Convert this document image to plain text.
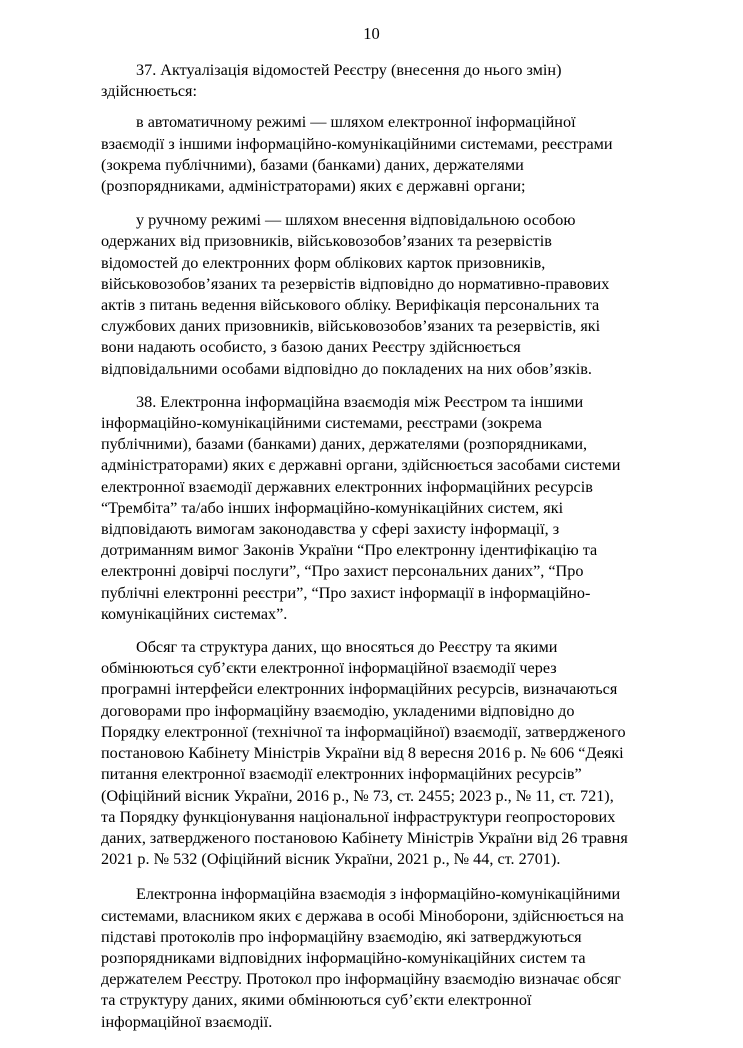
10

37. Актуалізація відомостей Реєстру (внесення до нього змін)
здійснюється:

в автоматичному режимі — шляхом електронної інформаційної
взаємодії з іншими інформаційно-комунікаційними системами, реєстрами
(зокрема публічними), базами (банками) даних, держателями
(розпорядниками, адміністраторами) яких є державні органи;

у ручному режимі — шляхом внесення відповідальною особою
одержаних від призовників, військовозобов’язаних та резервістів
відомостей до електронних форм облікових карток призовників,
військовозобов’язаних та резервістів відповідно до нормативно-правових
актів з питань ведення військового обліку. Верифікація персональних та
службових даних призовників, військовозобов’язаних та резервістів, які
вони надають особисто, з базою даних Реєстру здійснюється
відповідальними особами відповідно до покладених на них обов’язків.

38. Електронна інформаційна взаємодія між Реєстром та іншими
інформаційно-комунікаційними системами, реєстрами (зокрема
публічними), базами (банками) даних, держателями (розпорядниками,
адміністраторами) яких є державні органи, здійснюється засобами системи
електронної взаємодії державних електронних інформаційних ресурсів
“Трембіта” та/або інших інформаційно-комунікаційних систем, які
відповідають вимогам законодавства у сфері захисту інформації, з
дотриманням вимог Законів України “Про електронну ідентифікацію та
електронні довірчі послуги”, “Про захист персональних даних”, “Про
публічні електронні реєстри”, “Про захист інформації в інформаційно-
комунікаційних системах”.

Обсяг та структура даних, що вносяться до Реєстру та якими
обмінюються суб’єкти електронної інформаційної взаємодії через
програмні інтерфейси електронних інформаційних ресурсів, визначаються
договорами про інформаційну взаємодію, укладеними відповідно до
Порядку електронної (технічної та інформаційної) взаємодії, затвердженого
постановою Кабінету Міністрів України від 8 вересня 2016 р. № 606 “Деякі
питання електронної взаємодії електронних інформаційних ресурсів”
(Офіційний вісник України, 2016 р., № 73, ст. 2455; 2023 р., № 11, ст. 721),
та Порядку функціонування національної інфраструктури геопросторових
даних, затвердженого постановою Кабінету Міністрів України від 26 травня
2021 р. № 532 (Офіційний вісник України, 2021 р., № 44, ст. 2701).

Електронна інформаційна взаємодія з інформаційно-комунікаційними
системами, власником яких є держава в особі Міноборони, здійснюється на
підставі протоколів про інформаційну взаємодію, які затверджуються
розпорядниками відповідних інформаційно-комунікаційних систем та
держателем Реєстру. Протокол про інформаційну взаємодію визначає обсяг
та структуру даних, якими обмінюються суб’єкти електронної
інформаційної взаємодії.
